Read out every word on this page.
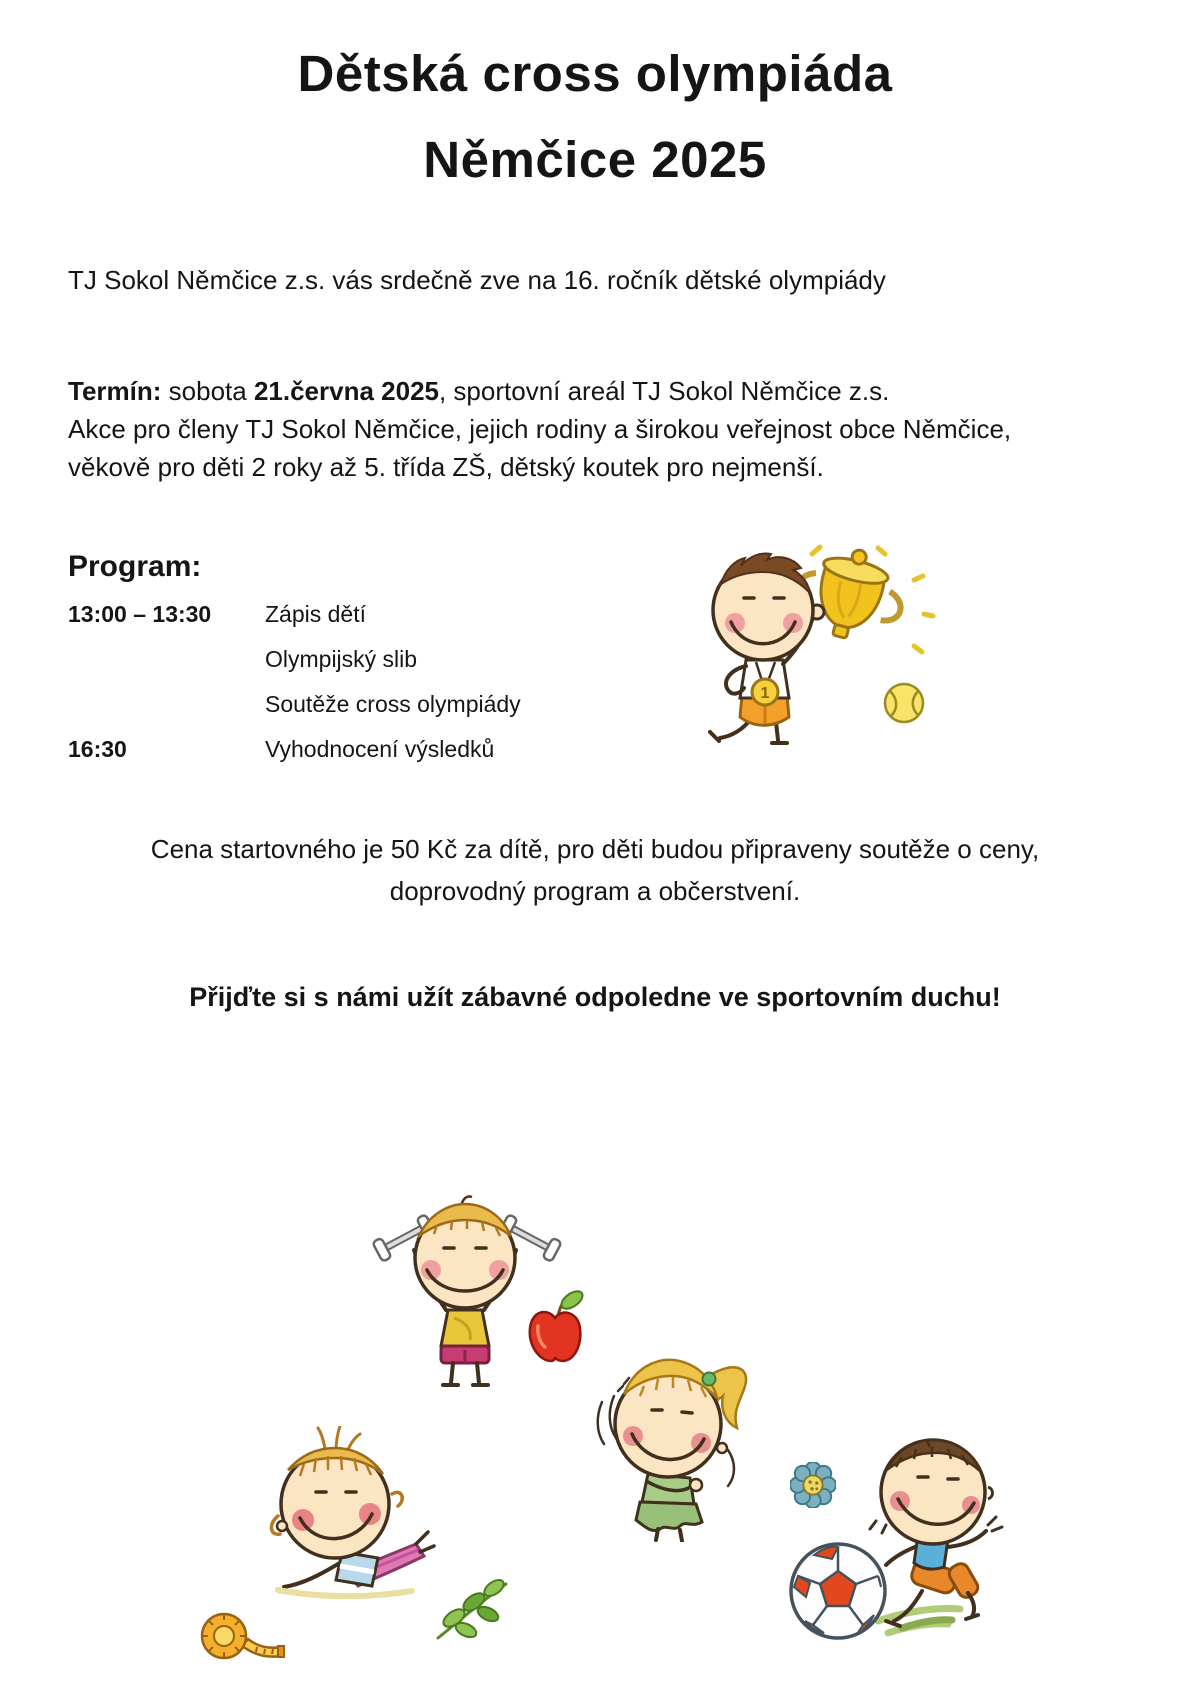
Dětská cross olympiáda
Němčice 2025
TJ Sokol Němčice z.s. vás srdečně zve na 16. ročník dětské olympiády
Termín: sobota 21.června 2025, sportovní areál TJ Sokol Němčice z.s.
Akce pro členy TJ Sokol Němčice, jejich rodiny a širokou veřejnost obce Němčice,
věkově pro děti 2 roky až 5. třída ZŠ, dětský koutek pro nejmenší.
Program:
13:00 – 13:30 Zápis dětí
Olympijský slib
Soutěže cross olympiády
16:30	Vyhodnocení výsledků
1
Cena startovného je 50 Kč za dítě, pro děti budou připraveny soutěže o ceny,
doprovodný program a občerstvení.
Přijďte si s námi užít zábavné odpoledne ve sportovním duchu!
